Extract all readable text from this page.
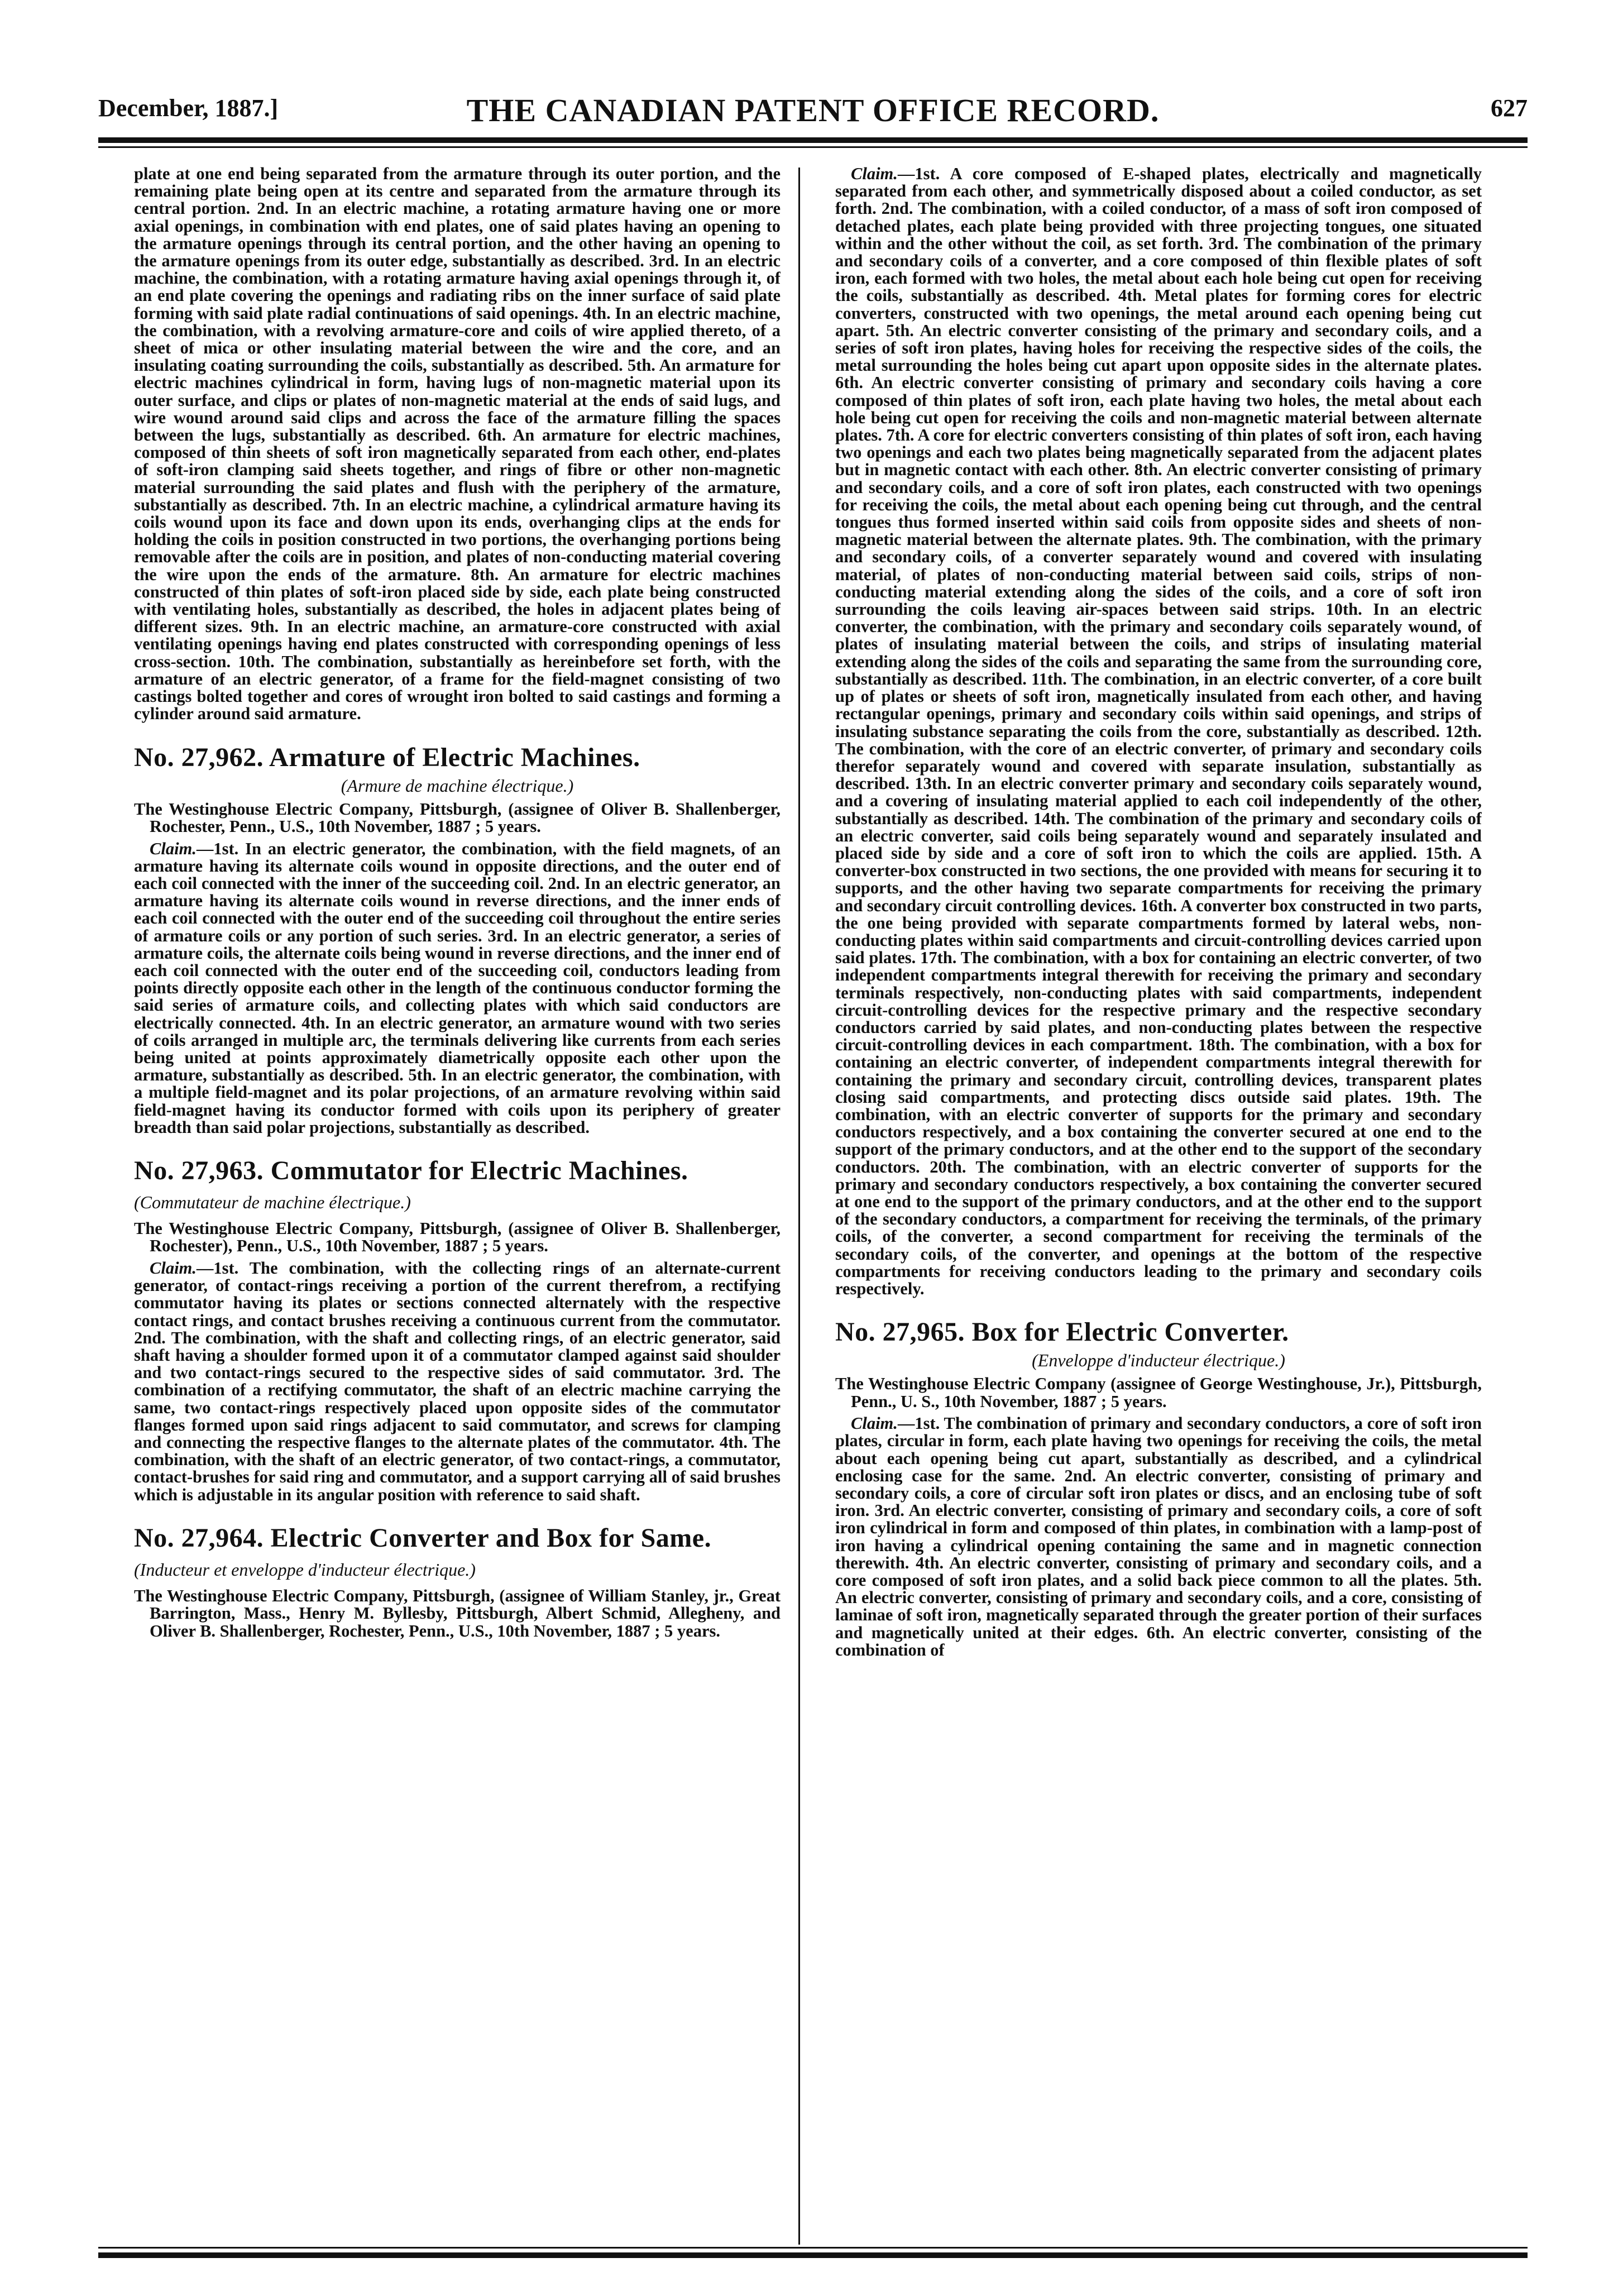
December, 1887.]	THE CANADIAN PATENT OFFICE RECORD.	627

plate at one end being separated from the armature through its outer portion, and the remaining plate being open at its centre and separated from the armature through its central portion. 2nd. In an electric machine, a rotating armature having one or more axial openings, in combination with end plates, one of said plates having an opening to the armature openings through its central portion, and the other having an opening to the armature openings from its outer edge, substantially as described. 3rd. In an electric machine, the combination, with a rotating armature having axial openings through it, of an end plate covering the openings and radiating ribs on the inner surface of said plate forming with said plate radial continuations of said openings. 4th. In an electric machine, the combination, with a revolving armature-core and coils of wire applied thereto, of a sheet of mica or other insulating material between the wire and the core, and an insulating coating surrounding the coils, substantially as described. 5th. An armature for electric machines cylindrical in form, having lugs of non-magnetic material upon its outer surface, and clips or plates of non-magnetic material at the ends of said lugs, and wire wound around said clips and across the face of the armature filling the spaces between the lugs, substantially as described. 6th. An armature for electric machines, composed of thin sheets of soft iron magnetically separated from each other, end-plates of soft-iron clamping said sheets together, and rings of fibre or other non-magnetic material surrounding the said plates and flush with the periphery of the armature, substantially as described. 7th. In an electric machine, a cylindrical armature having its coils wound upon its face and down upon its ends, overhanging clips at the ends for holding the coils in position constructed in two portions, the overhanging portions being removable after the coils are in position, and plates of non-conducting material covering the wire upon the ends of the armature. 8th. An armature for electric machines constructed of thin plates of soft-iron placed side by side, each plate being constructed with ventilating holes, substantially as described, the holes in adjacent plates being of different sizes. 9th. In an electric machine, an armature-core constructed with axial ventilating openings having end plates constructed with corresponding openings of less cross-section. 10th. The combination, substantially as hereinbefore set forth, with the armature of an electric generator, of a frame for the field-magnet consisting of two castings bolted together and cores of wrought iron bolted to said castings and forming a cylinder around said armature.

No. 27,962. Armature of Electric Machines.
(Armure de machine électrique.)

The Westinghouse Electric Company, Pittsburgh, (assignee of Oliver B. Shallenberger, Rochester, Penn., U.S., 10th November, 1887 ; 5 years.

Claim.—1st. In an electric generator, the combination, with the field magnets, of an armature having its alternate coils wound in opposite directions, and the outer end of each coil connected with the inner of the succeeding coil. 2nd. In an electric generator, an armature having its alternate coils wound in reverse directions, and the inner ends of each coil connected with the outer end of the succeeding coil throughout the entire series of armature coils or any portion of such series. 3rd. In an electric generator, a series of armature coils, the alternate coils being wound in reverse directions, and the inner end of each coil connected with the outer end of the succeeding coil, conductors leading from points directly opposite each other in the length of the continuous conductor forming the said series of armature coils, and collecting plates with which said conductors are electrically connected. 4th. In an electric generator, an armature wound with two series of coils arranged in multiple arc, the terminals delivering like currents from each series being united at points approximately diametrically opposite each other upon the armature, substantially as described. 5th. In an electric generator, the combination, with a multiple field-magnet and its polar projections, of an armature revolving within said field-magnet having its conductor formed with coils upon its periphery of greater breadth than said polar projections, substantially as described.

No. 27,963. Commutator for Electric Machines. (Commutateur de machine électrique.)

The Westinghouse Electric Company, Pittsburgh, (assignee of Oliver B. Shallenberger, Rochester), Penn., U.S., 10th November, 1887 ; 5 years.

Claim.—1st. The combination, with the collecting rings of an alternate-current generator, of contact-rings receiving a portion of the current therefrom, a rectifying commutator having its plates or sections connected alternately with the respective contact rings, and contact brushes receiving a continuous current from the commutator. 2nd. The combination, with the shaft and collecting rings, of an electric generator, said shaft having a shoulder formed upon it of a commutator clamped against said shoulder and two contact-rings secured to the respective sides of said commutator. 3rd. The combination of a rectifying commutator, the shaft of an electric machine carrying the same, two contact-rings respectively placed upon opposite sides of the commutator flanges formed upon said rings adjacent to said commutator, and screws for clamping and connecting the respective flanges to the alternate plates of the commutator. 4th. The combination, with the shaft of an electric generator, of two contact-rings, a commutator, contact-brushes for said ring and commutator, and a support carrying all of said brushes which is adjustable in its angular position with reference to said shaft.

No. 27,964. Electric Converter and Box for Same. (Inducteur et enveloppe d'inducteur électrique.)

The Westinghouse Electric Company, Pittsburgh, (assignee of William Stanley, jr., Great Barrington, Mass., Henry M. Byllesby, Pittsburgh, Albert Schmid, Allegheny, and Oliver B. Shallenberger, Rochester, Penn., U.S., 10th November, 1887 ; 5 years.

Claim.—1st. A core composed of E-shaped plates, electrically and magnetically separated from each other, and symmetrically disposed about a coiled conductor, as set forth. 2nd. The combination, with a coiled conductor, of a mass of soft iron composed of detached plates, each plate being provided with three projecting tongues, one situated within and the other without the coil, as set forth. 3rd. The combination of the primary and secondary coils of a converter, and a core composed of thin flexible plates of soft iron, each formed with two holes, the metal about each hole being cut open for receiving the coils, substantially as described. 4th. Metal plates for forming cores for electric converters, constructed with two openings, the metal around each opening being cut apart. 5th. An electric converter consisting of the primary and secondary coils, and a series of soft iron plates, having holes for receiving the respective sides of the coils, the metal surrounding the holes being cut apart upon opposite sides in the alternate plates. 6th. An electric converter consisting of primary and secondary coils having a core composed of thin plates of soft iron, each plate having two holes, the metal about each hole being cut open for receiving the coils and non-magnetic material between alternate plates. 7th. A core for electric converters consisting of thin plates of soft iron, each having two openings and each two plates being magnetically separated from the adjacent plates but in magnetic contact with each other. 8th. An electric converter consisting of primary and secondary coils, and a core of soft iron plates, each constructed with two openings for receiving the coils, the metal about each opening being cut through, and the central tongues thus formed inserted within said coils from opposite sides and sheets of non-magnetic material between the alternate plates. 9th. The combination, with the primary and secondary coils, of a converter separately wound and covered with insulating material, of plates of non-conducting material between said coils, strips of non-conducting material extending along the sides of the coils, and a core of soft iron surrounding the coils leaving air-spaces between said strips. 10th. In an electric converter, the combination, with the primary and secondary coils separately wound, of plates of insulating material between the coils, and strips of insulating material extending along the sides of the coils and separating the same from the surrounding core, substantially as described. 11th. The combination, in an electric converter, of a core built up of plates or sheets of soft iron, magnetically insulated from each other, and having rectangular openings, primary and secondary coils within said openings, and strips of insulating substance separating the coils from the core, substantially as described. 12th. The combination, with the core of an electric converter, of primary and secondary coils therefor separately wound and covered with separate insulation, substantially as described. 13th. In an electric converter primary and secondary coils separately wound, and a covering of insulating material applied to each coil independently of the other, substantially as described. 14th. The combination of the primary and secondary coils of an electric converter, said coils being separately wound and separately insulated and placed side by side and a core of soft iron to which the coils are applied. 15th. A converter-box constructed in two sections, the one provided with means for securing it to supports, and the other having two separate compartments for receiving the primary and secondary circuit controlling devices. 16th. A converter box constructed in two parts, the one being provided with separate compartments formed by lateral webs, non-conducting plates within said compartments and circuit-controlling devices carried upon said plates. 17th. The combination, with a box for containing an electric converter, of two independent compartments integral therewith for receiving the primary and secondary terminals respectively, non-conducting plates with said compartments, independent circuit-controlling devices for the respective primary and the respective secondary conductors carried by said plates, and non-conducting plates between the respective circuit-controlling devices in each compartment. 18th. The combination, with a box for containing an electric converter, of independent compartments integral therewith for containing the primary and secondary circuit, controlling devices, transparent plates closing said compartments, and protecting discs outside said plates. 19th. The combination, with an electric converter of supports for the primary and secondary conductors respectively, and a box containing the converter secured at one end to the support of the primary conductors, and at the other end to the support of the secondary conductors. 20th. The combination, with an electric converter of supports for the primary and secondary conductors respectively, a box containing the converter secured at one end to the support of the primary conductors, and at the other end to the support of the secondary conductors, a compartment for receiving the terminals, of the primary coils, of the converter, a second compartment for receiving the terminals of the secondary coils, of the converter, and openings at the bottom of the respective compartments for receiving conductors leading to the primary and secondary coils respectively.

No. 27,965. Box for Electric Converter.
(Enveloppe d'inducteur électrique.)

The Westinghouse Electric Company (assignee of George Westinghouse, Jr.), Pittsburgh, Penn., U. S., 10th November, 1887 ; 5 years.

Claim.—1st. The combination of primary and secondary conductors, a core of soft iron plates, circular in form, each plate having two openings for receiving the coils, the metal about each opening being cut apart, substantially as described, and a cylindrical enclosing case for the same. 2nd. An electric converter, consisting of primary and secondary coils, a core of circular soft iron plates or discs, and an enclosing tube of soft iron. 3rd. An electric converter, consisting of primary and secondary coils, a core of soft iron cylindrical in form and composed of thin plates, in combination with a lamp-post of iron having a cylindrical opening containing the same and in magnetic connection therewith. 4th. An electric converter, consisting of primary and secondary coils, and a core composed of soft iron plates, and a solid back piece common to all the plates. 5th. An electric converter, consisting of primary and secondary coils, and a core, consisting of laminae of soft iron, magnetically separated through the greater portion of their surfaces and magnetically united at their edges. 6th. An electric converter, consisting of the combination of
